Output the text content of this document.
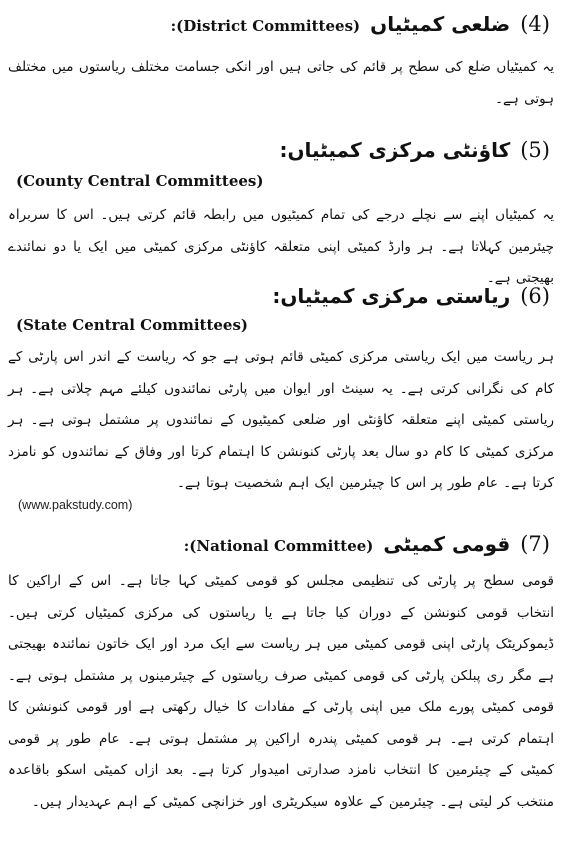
(4)
ضلعی کمیٹیاں
:(District Committees)
یہ کمیٹیاں ضلع کی سطح پر قائم کی جاتی ہیں اور انکی جسامت مختلف ریاستوں میں مختلف ہوتی ہے۔
(5)
کاؤنٹی مرکزی کمیٹیاں:
(County Central Committees)
یہ کمیٹیاں اپنے سے نچلے درجے کی تمام کمیٹیوں میں رابطہ قائم کرتی ہیں۔ اس کا سربراہ چیئرمین کہلاتا ہے۔ ہر وارڈ کمیٹی اپنی متعلقہ کاؤنٹی مرکزی کمیٹی میں ایک یا دو نمائندے بھیجتی ہے۔
(6)
ریاستی مرکزی کمیٹیاں:
(State Central Committees)
ہر ریاست میں ایک ریاستی مرکزی کمیٹی قائم ہوتی ہے جو کہ ریاست کے اندر اس پارٹی کے کام کی نگرانی کرتی ہے۔ یہ سینٹ اور ایوان میں پارٹی نمائندوں کیلئے مہم چلاتی ہے۔ ہر ریاستی کمیٹی اپنے متعلقہ کاؤنٹی اور ضلعی کمیٹیوں کے نمائندوں پر مشتمل ہوتی ہے۔ ہر مرکزی کمیٹی کا کام دو سال بعد پارٹی کنونشن کا اہتمام کرتا اور وفاق کے نمائندوں کو نامزد کرتا ہے۔ عام طور پر اس کا چیئرمین ایک اہم شخصیت ہوتا ہے۔
(www.pakstudy.com)
(7)
قومی کمیٹی
:(National Committee)
قومی سطح پر پارٹی کی تنظیمی مجلس کو قومی کمیٹی کہا جاتا ہے۔ اس کے اراکین کا انتخاب قومی کنونشن کے دوران کیا جاتا ہے یا ریاستوں کی مرکزی کمیٹیاں کرتی ہیں۔ ڈیموکریٹک پارٹی اپنی قومی کمیٹی میں ہر ریاست سے ایک مرد اور ایک خاتون نمائندہ بھیجتی ہے مگر ری پبلکن پارٹی کی قومی کمیٹی صرف ریاستوں کے چیئرمینوں پر مشتمل ہوتی ہے۔ قومی کمیٹی پورے ملک میں اپنی پارٹی کے مفادات کا خیال رکھتی ہے اور قومی کنونشن کا اہتمام کرتی ہے۔ ہر قومی کمیٹی پندرہ اراکین پر مشتمل ہوتی ہے۔ عام طور پر قومی کمیٹی کے چیئرمین کا انتخاب نامزد صدارتی امیدوار کرتا ہے۔ بعد ازاں کمیٹی اسکو باقاعدہ منتخب کر لیتی ہے۔ چیئرمین کے علاوہ سیکریٹری اور خزانچی کمیٹی کے اہم عہدیدار ہیں۔
